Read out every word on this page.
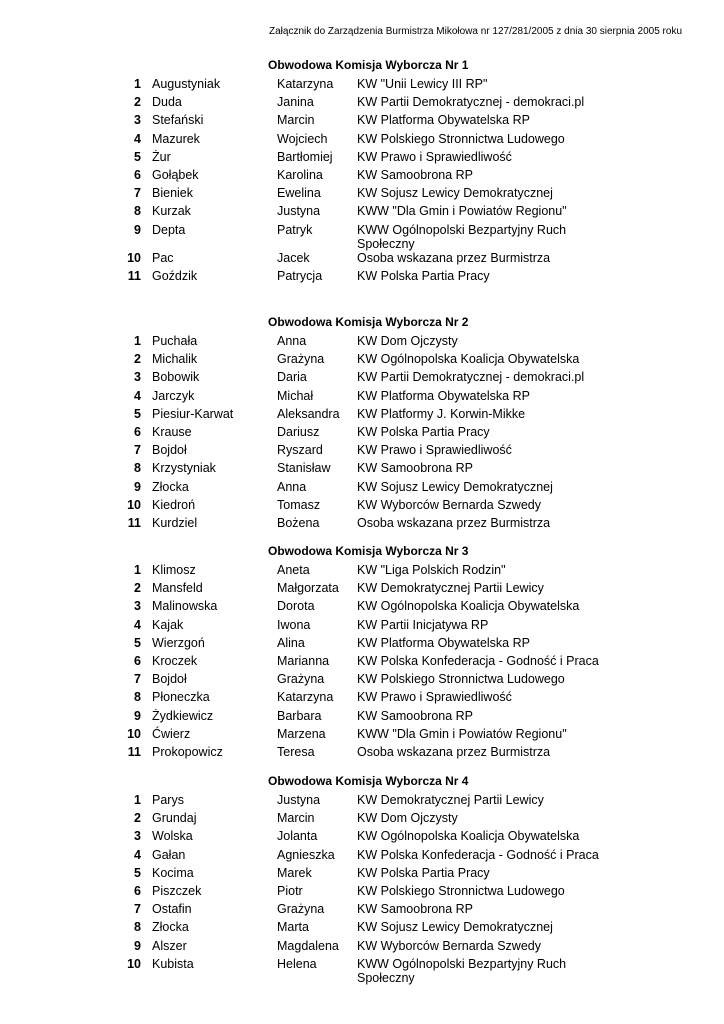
Załącznik do Zarządzenia Burmistrza Mikołowa nr 127/281/2005 z dnia 30 sierpnia 2005 roku
Obwodowa Komisja Wyborcza Nr 1
1 Augustyniak	Katarzyna KW "Unii Lewicy III RP"
2 Duda	Janina	KW Partii Demokratycznej - demokraci.pl
3 Stefański	Marcin	KW Platforma Obywatelska RP
4 Mazurek	Wojciech KW Polskiego Stronnictwa Ludowego
5 Żur	Bartłomiej KW Prawo i Sprawiedliwość
6 Gołąbek	Karolina	KW Samoobrona RP
7 Bieniek	Ewelina	KW Sojusz Lewicy Demokratycznej
8 Kurzak	Justyna	KWW "Dla Gmin i Powiatów Regionu"
9 Depta	Patryk	KWW Ogólnopolski Bezpartyjny Ruch Społeczny
10 Pac	Jacek	Osoba wskazana przez Burmistrza
11 Goździk	Patrycja	KW Polska Partia Pracy
Obwodowa Komisja Wyborcza Nr 2
1 Puchała	Anna	KW Dom Ojczysty
2 Michalik	Grażyna	KW Ogólnopolska Koalicja Obywatelska
3 Bobowik	Daria	KW Partii Demokratycznej - demokraci.pl
4 Jarczyk	Michał	KW Platforma Obywatelska RP
5 Piesiur-Karwat	Aleksandra KW Platformy J. Korwin-Mikke
6 Krause	Dariusz	KW Polska Partia Pracy
7 Bojdoł	Ryszard	KW Prawo i Sprawiedliwość
8 Krzystyniak	Stanisław KW Samoobrona RP
9 Złocka	Anna	KW Sojusz Lewicy Demokratycznej
10 Kiedroń	Tomasz	KW Wyborców Bernarda Szwedy
11 Kurdziel	Bożena	Osoba wskazana przez Burmistrza
Obwodowa Komisja Wyborcza Nr 3
1 Klimosz	Aneta	KW "Liga Polskich Rodzin"
2 Mansfeld	Małgorzata KW Demokratycznej Partii Lewicy
3 Malinowska	Dorota	KW Ogólnopolska Koalicja Obywatelska
4 Kajak	Iwona	KW Partii Inicjatywa RP
5 Wierzgoń	Alina	KW Platforma Obywatelska RP
6 Kroczek	Marianna KW Polska Konfederacja - Godność i Praca
7 Bojdoł	Grażyna	KW Polskiego Stronnictwa Ludowego
8 Płoneczka	Katarzyna KW Prawo i Sprawiedliwość
9 Żydkiewicz	Barbara	KW Samoobrona RP
10 Ćwierz	Marzena	KWW "Dla Gmin i Powiatów Regionu"
11 Prokopowicz	Teresa	Osoba wskazana przez Burmistrza
Obwodowa Komisja Wyborcza Nr 4
1 Parys	Justyna	KW Demokratycznej Partii Lewicy
2 Grundaj	Marcin	KW Dom Ojczysty
3 Wolska	Jolanta	KW Ogólnopolska Koalicja Obywatelska
4 Gałan	Agnieszka KW Polska Konfederacja - Godność i Praca
5 Kocima	Marek	KW Polska Partia Pracy
6 Piszczek	Piotr	KW Polskiego Stronnictwa Ludowego
7 Ostafin	Grażyna	KW Samoobrona RP
8 Złocka	Marta	KW Sojusz Lewicy Demokratycznej
9 Alszer	Magdalena KW Wyborców Bernarda Szwedy
10 Kubista	Helena	KWW Ogólnopolski Bezpartyjny Ruch Społeczny
